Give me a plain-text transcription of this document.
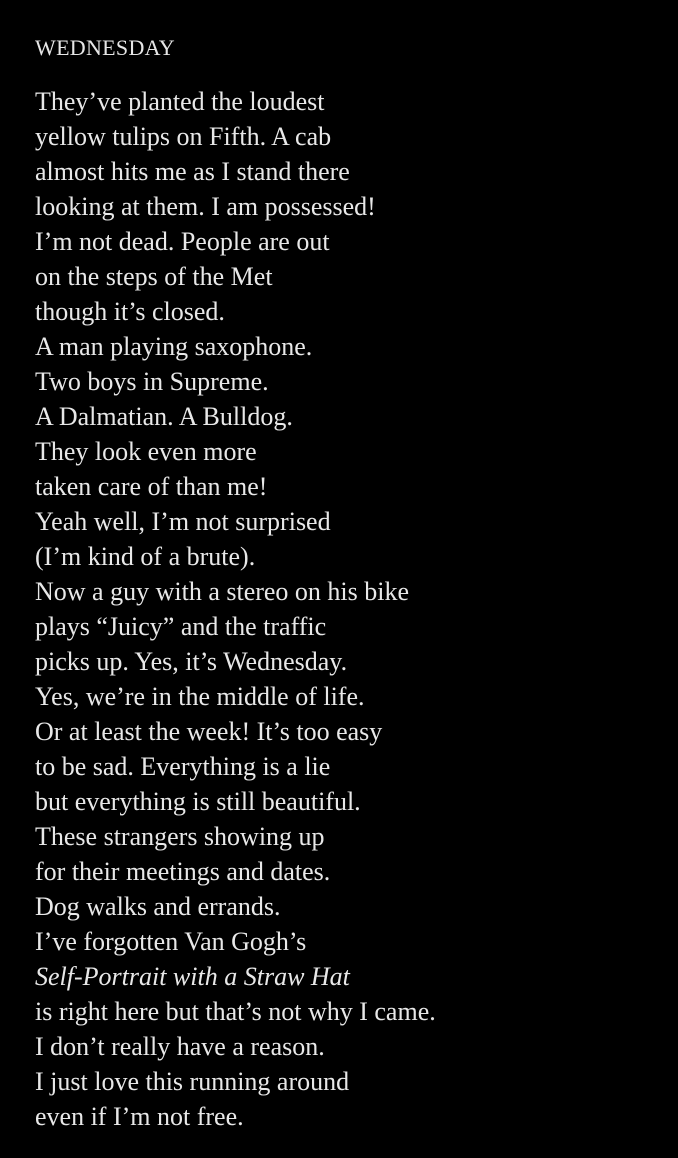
WEDNESDAY
They’ve planted the loudest
yellow tulips on Fifth. A cab
almost hits me as I stand there
looking at them. I am possessed!
I’m not dead. People are out
on the steps of the Met
though it’s closed.
A man playing saxophone.
Two boys in Supreme.
A Dalmatian. A Bulldog.
They look even more
taken care of than me!
Yeah well, I’m not surprised
(I’m kind of a brute).
Now a guy with a stereo on his bike
plays “Juicy” and the traffic
picks up. Yes, it’s Wednesday.
Yes, we’re in the middle of life.
Or at least the week! It’s too easy
to be sad. Everything is a lie
but everything is still beautiful.
These strangers showing up
for their meetings and dates.
Dog walks and errands.
I’ve forgotten Van Gogh’s
Self-Portrait with a Straw Hat
is right here but that’s not why I came.
I don’t really have a reason.
I just love this running around
even if I’m not free.
